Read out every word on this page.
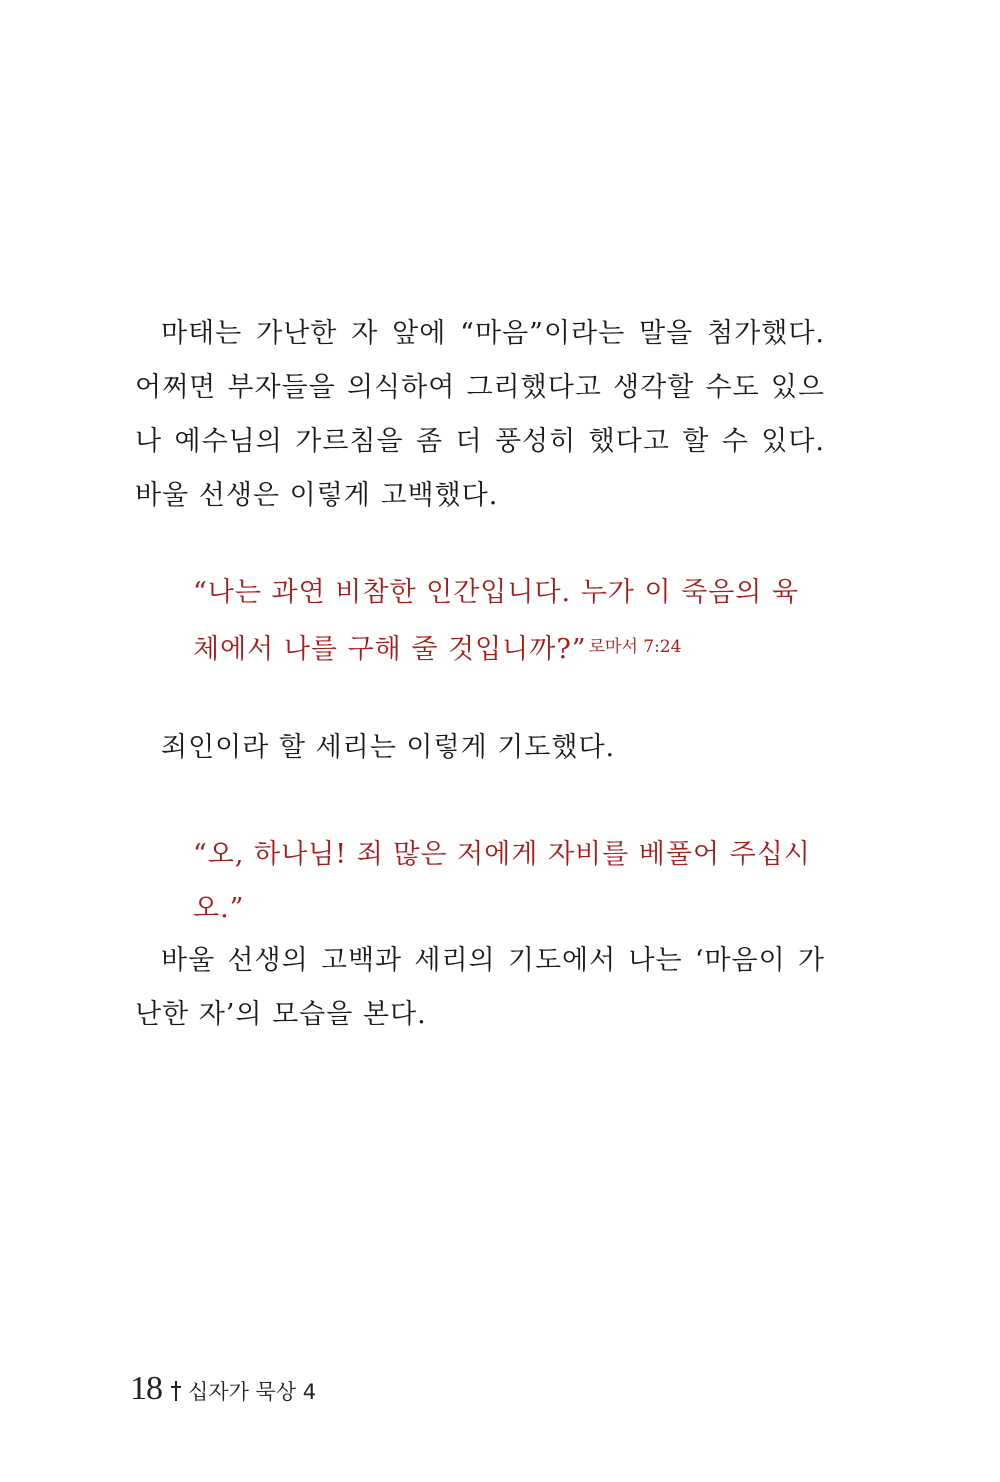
마태는 가난한 자 앞에 “마음”이라는 말을 첨가했다. 어쩌면 부자들을 의식하여 그리했다고 생각할 수도 있으나 예수님의 가르침을 좀 더 풍성히 했다고 할 수 있다. 바울 선생은 이렇게 고백했다.

“나는 과연 비참한 인간입니다. 누가 이 죽음의 육체에서 나를 구해 줄 것입니까?” $^{로마서 7:24}$

죄인이라 할 세리는 이렇게 기도했다.

“오, 하나님! 죄 많은 저에게 자비를 베풀어 주십시오.”

바울 선생의 고백과 세리의 기도에서 나는 ‘마음이 가난한 자’의 모습을 본다.

18 십자가 묵상 4
